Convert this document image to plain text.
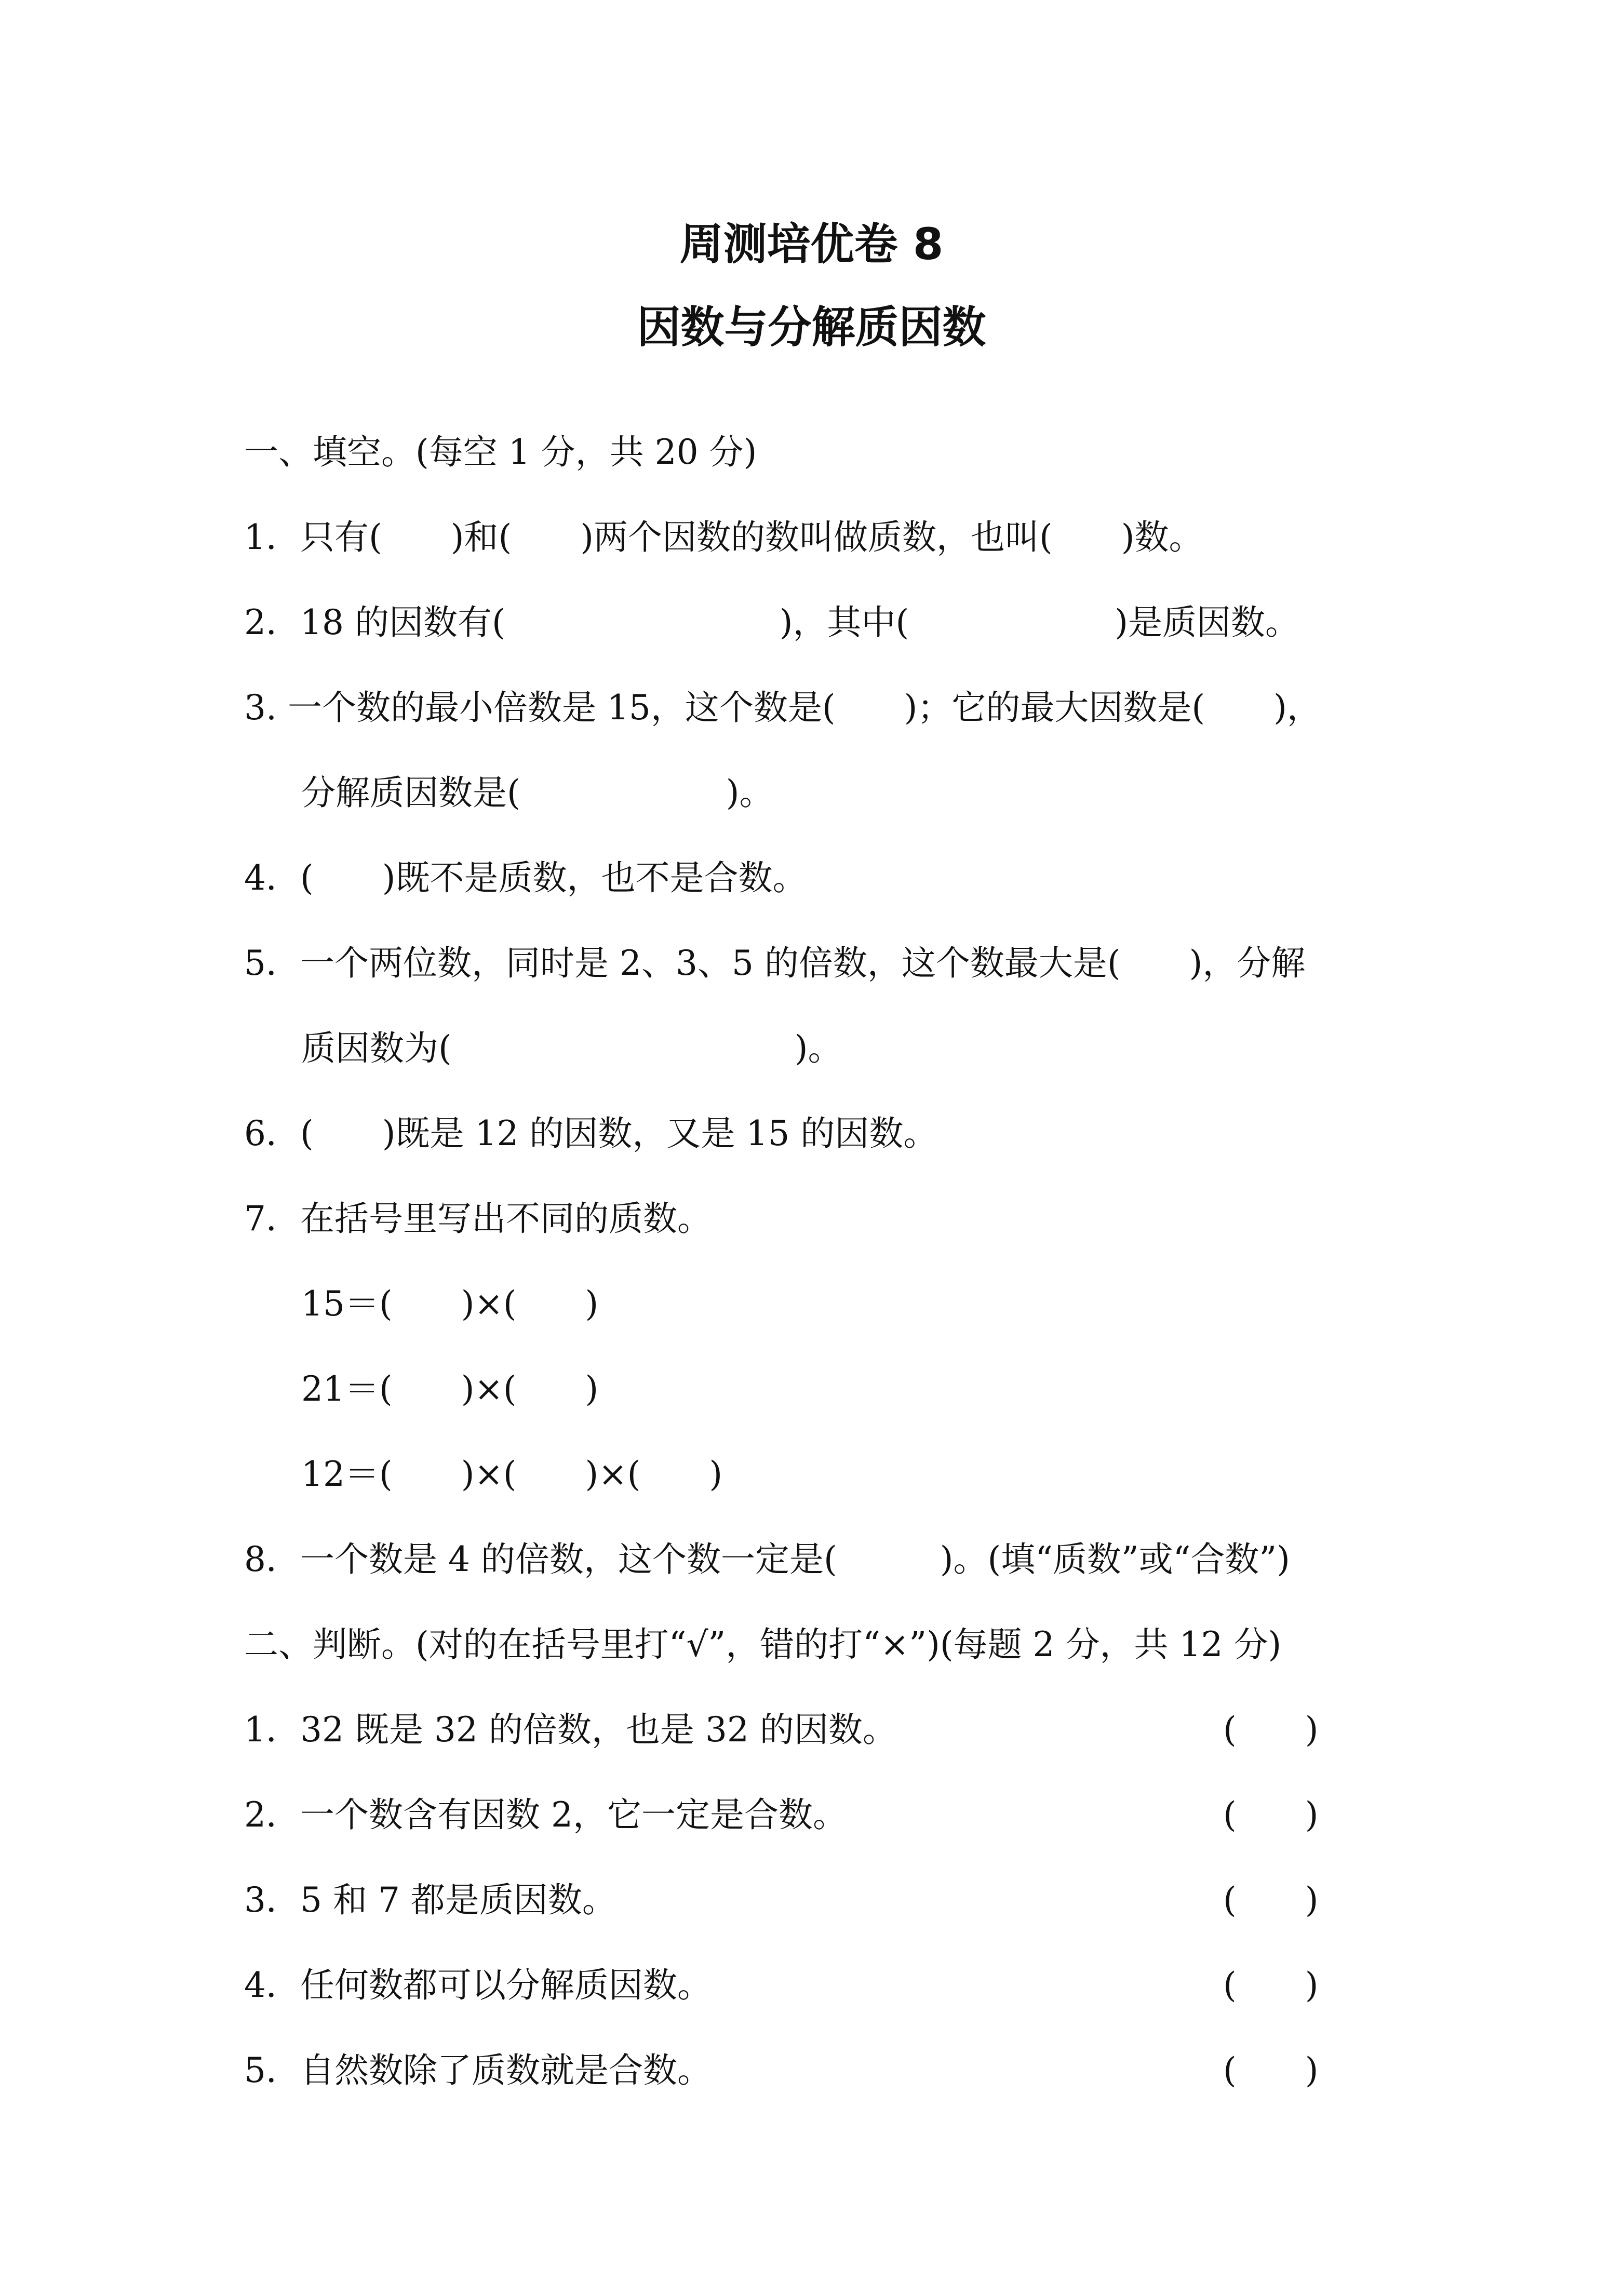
周测培优卷 8
因数与分解质因数
一、填空。(每空 1 分，共 20 分)
1．只有(　　)和(　　)两个因数的数叫做质数，也叫(　　)数。
2．18 的因数有(　　　　　　　　)，其中(　　　　　　)是质因数。
3. 一个数的最小倍数是 15，这个数是(　　)；它的最大因数是(　　)，
分解质因数是(　　　　　　)。
4．(　　)既不是质数，也不是合数。
5．一个两位数，同时是 2、3、5 的倍数，这个数最大是(　　)，分解
质因数为(　　　　　　　　　　)。
6．(　　)既是 12 的因数，又是 15 的因数。
7．在括号里写出不同的质数。
15＝(　　)×(　　)
21＝(　　)×(　　)
12＝(　　)×(　　)×(　　)
8．一个数是 4 的倍数，这个数一定是(　　　)。(填“质数”或“合数”)
二、判断。(对的在括号里打“√”，错的打“×”)(每题 2 分，共 12 分)
1．32 既是 32 的倍数，也是 32 的因数。	(　　)
2．一个数含有因数 2，它一定是合数。	(　　)
3．5 和 7 都是质因数。	(　　)
4．任何数都可以分解质因数。	(　　)
5．自然数除了质数就是合数。	(　　)
